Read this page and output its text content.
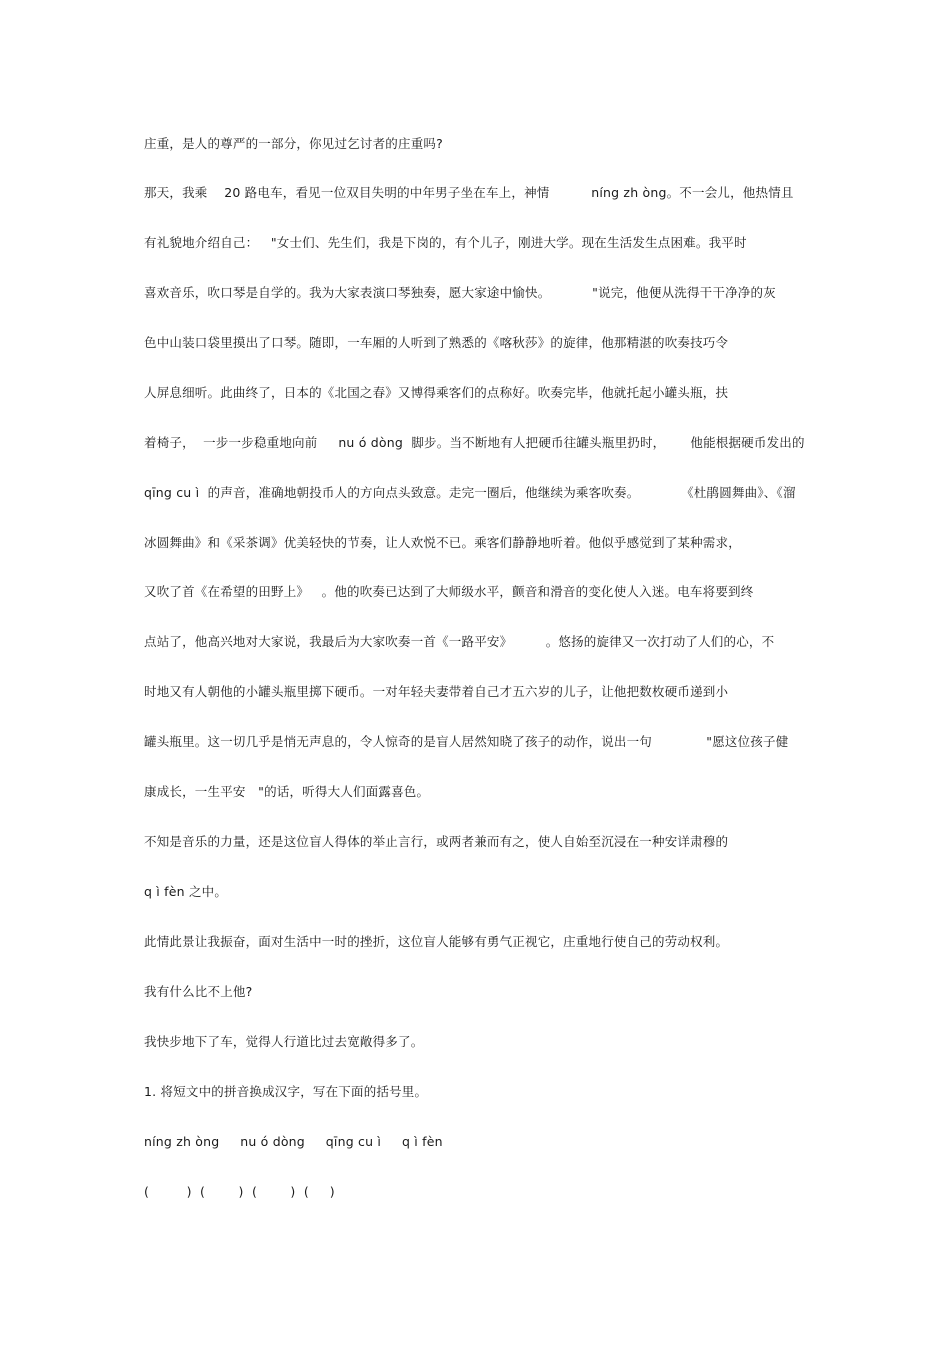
庄重，是人的尊严的一部分，你见过乞讨者的庄重吗?
那天，我乘    20 路电车，看见一位双目失明的中年男子坐在车上，神情          níng zh òng。不一会儿，他热情且
有礼貌地介绍自己：   "女士们、先生们，我是下岗的，有个儿子，刚进大学。现在生活发生点困难。我平时
喜欢音乐，吹口琴是自学的。我为大家表演口琴独奏，愿大家途中愉快。          "说完，他便从洗得干干净净的灰
色中山装口袋里摸出了口琴。随即，一车厢的人听到了熟悉的《喀秋莎》的旋律，他那精湛的吹奏技巧令
人屏息细听。此曲终了，日本的《北国之春》又博得乘客们的点称好。吹奏完毕，他就托起小罐头瓶，扶
着椅子，  一步一步稳重地向前     nu ó dòng  脚步。当不断地有人把硬币往罐头瓶里扔时，      他能根据硬币发出的
qīng cu ì  的声音，准确地朝投币人的方向点头致意。走完一圈后，他继续为乘客吹奏。          《杜鹃圆舞曲》、《溜
冰圆舞曲》和《采茶调》优美轻快的节奏，让人欢悦不已。乘客们静静地听着。他似乎感觉到了某种需求，
又吹了首《在希望的田野上》   。他的吹奏已达到了大师级水平，颤音和滑音的变化使人入迷。电车将要到终
点站了，他高兴地对大家说，我最后为大家吹奏一首《一路平安》        。悠扬的旋律又一次打动了人们的心，不
时地又有人朝他的小罐头瓶里掷下硬币。一对年轻夫妻带着自己才五六岁的儿子，让他把数枚硬币递到小
罐头瓶里。这一切几乎是悄无声息的，令人惊奇的是盲人居然知晓了孩子的动作，说出一句             "愿这位孩子健
康成长，一生平安   "的话，听得大人们面露喜色。
不知是音乐的力量，还是这位盲人得体的举止言行，或两者兼而有之，使人自始至沉浸在一种安详肃穆的
q ì fèn 之中。
此情此景让我振奋，面对生活中一时的挫折，这位盲人能够有勇气正视它，庄重地行使自己的劳动权利。
我有什么比不上他?
我快步地下了车，觉得人行道比过去宽敞得多了。
1. 将短文中的拼音换成汉字，写在下面的括号里。
níng zh òng     nu ó dòng     qīng cu ì     q ì fèn
(         )  (        )  (        )  (     )
